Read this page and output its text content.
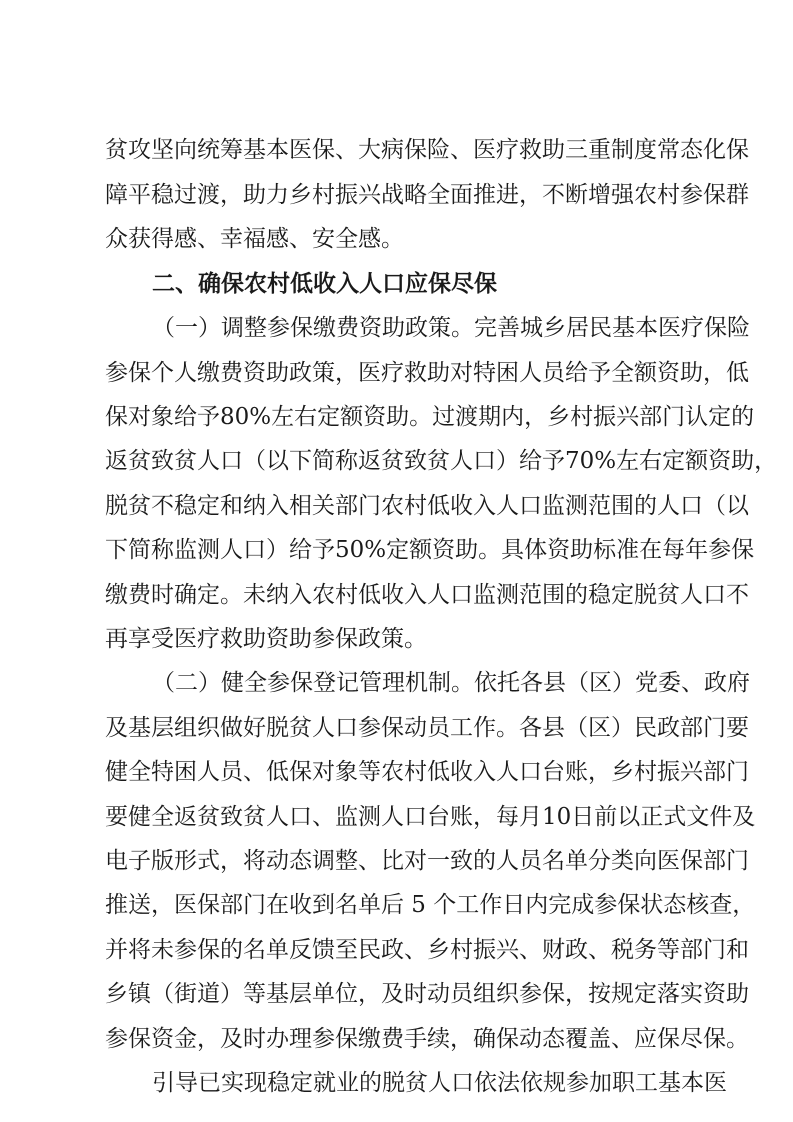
贫攻坚向统筹基本医保、大病保险、医疗救助三重制度常态化保
障平稳过渡，助力乡村振兴战略全面推进，不断增强农村参保群
众获得感、幸福感、安全感。
二、确保农村低收入人口应保尽保
（一）调整参保缴费资助政策。完善城乡居民基本医疗保险
参保个人缴费资助政策，医疗救助对特困人员给予全额资助，低
保对象给予80%左右定额资助。过渡期内，乡村振兴部门认定的
返贫致贫人口（以下简称返贫致贫人口）给予70%左右定额资助，
脱贫不稳定和纳入相关部门农村低收入人口监测范围的人口（以
下简称监测人口）给予50%定额资助。具体资助标准在每年参保
缴费时确定。未纳入农村低收入人口监测范围的稳定脱贫人口不
再享受医疗救助资助参保政策。
（二）健全参保登记管理机制。依托各县（区）党委、政府
及基层组织做好脱贫人口参保动员工作。各县（区）民政部门要
健全特困人员、低保对象等农村低收入人口台账，乡村振兴部门
要健全返贫致贫人口、监测人口台账，每月10日前以正式文件及
电子版形式，将动态调整、比对一致的人员名单分类向医保部门
推送，医保部门在收到名单后 5 个工作日内完成参保状态核查，
并将未参保的名单反馈至民政、乡村振兴、财政、税务等部门和
乡镇（街道）等基层单位，及时动员组织参保，按规定落实资助
参保资金，及时办理参保缴费手续，确保动态覆盖、应保尽保。
引导已实现稳定就业的脱贫人口依法依规参加职工基本医
